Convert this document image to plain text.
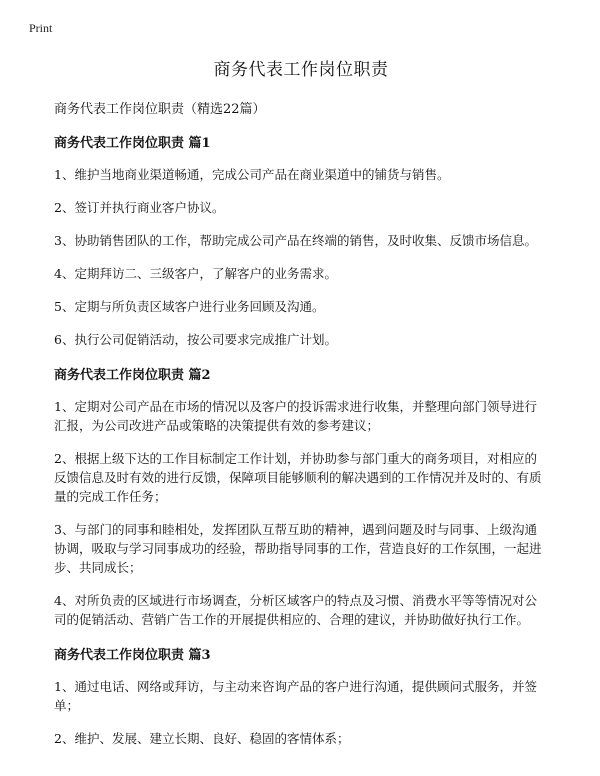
Print
商务代表工作岗位职责
商务代表工作岗位职责（精选22篇）
商务代表工作岗位职责 篇1
1、维护当地商业渠道畅通，完成公司产品在商业渠道中的铺货与销售。
2、签订并执行商业客户协议。
3、协助销售团队的工作，帮助完成公司产品在终端的销售，及时收集、反馈市场信息。
4、定期拜访二、三级客户，了解客户的业务需求。
5、定期与所负责区域客户进行业务回顾及沟通。
6、执行公司促销活动，按公司要求完成推广计划。
商务代表工作岗位职责 篇2
1、定期对公司产品在市场的情况以及客户的投诉需求进行收集，并整理向部门领导进行汇报，为公司改进产品或策略的决策提供有效的参考建议；
2、根据上级下达的工作目标制定工作计划，并协助参与部门重大的商务项目，对相应的反馈信息及时有效的进行反馈，保障项目能够顺利的解决遇到的工作情况并及时的、有质量的完成工作任务；
3、与部门的同事和睦相处，发挥团队互帮互助的精神，遇到问题及时与同事、上级沟通协调，吸取与学习同事成功的经验，帮助指导同事的工作，营造良好的工作氛围，一起进步、共同成长；
4、对所负责的区域进行市场调查，分析区域客户的特点及习惯、消费水平等等情况对公司的促销活动、营销广告工作的开展提供相应的、合理的建议，并协助做好执行工作。
商务代表工作岗位职责 篇3
1、通过电话、网络或拜访，与主动来咨询产品的客户进行沟通，提供顾问式服务，并签单；
2、维护、发展、建立长期、良好、稳固的客情体系；
